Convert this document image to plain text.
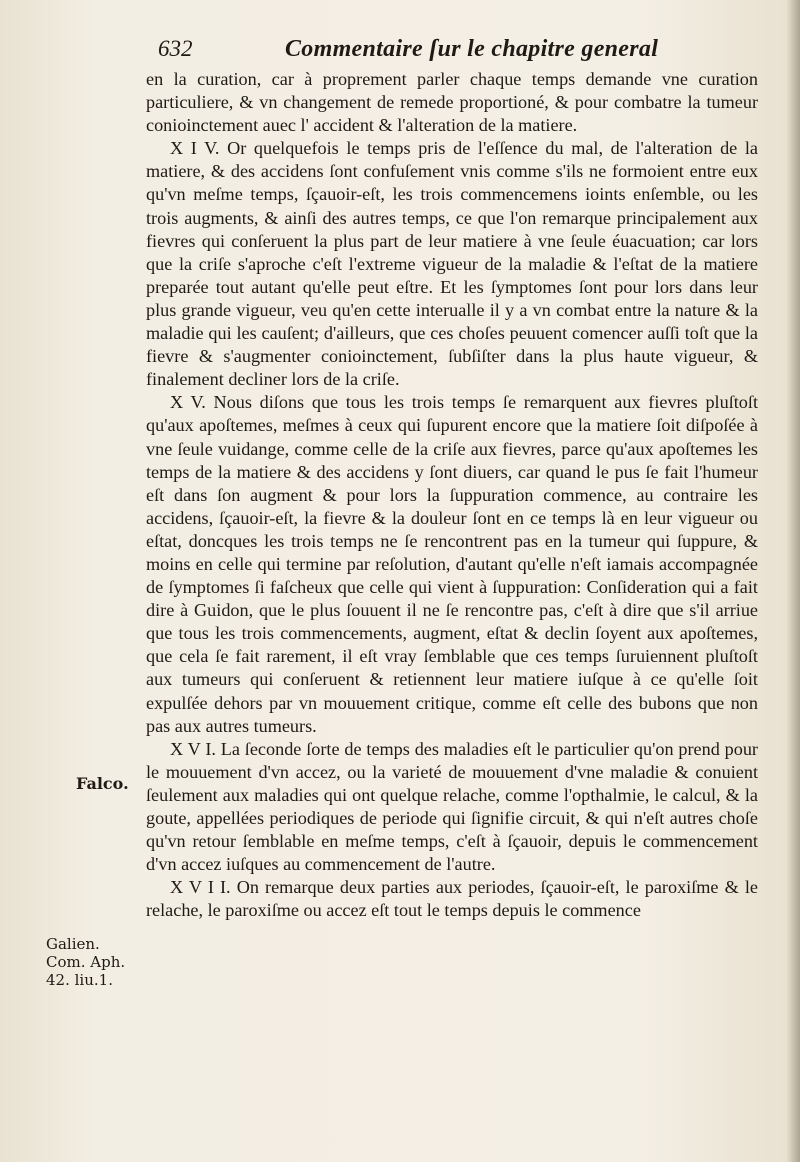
632	Commentaire ſur le chapitre general

en la curation, car à proprement parler chaque temps demande vne curation particuliere, & vn changement de remede proportioné, & pour combatre la tumeur conioinctement auec l' accident & l'alteration de la matiere.

X I V. Or quelquefois le temps pris de l'eſſence du mal, de l'alteration de la matiere, & des accidens ſont confuſement vnis comme s'ils ne formoient entre eux qu'vn meſme temps, ſçauoir-eſt, les trois commencemens ioints enſemble, ou les trois augments, & ainſi des autres temps, ce que l'on remarque principalement aux fievres qui conſeruent la plus part de leur matiere à vne ſeule éuacuation; car lors que la criſe s'aproche c'eſt l'extreme vigueur de la maladie & l'eſtat de la matiere preparée tout autant qu'elle peut eſtre. Et les ſymptomes ſont pour lors dans leur plus grande vigueur, veu qu'en cette interualle il y a vn combat entre la nature & la maladie qui les cauſent; d'ailleurs, que ces choſes peuuent comencer auſſi toſt que la fievre & s'augmenter conioinctement, ſubſiſter dans la plus haute vigueur, & finalement decliner lors de la criſe.

X V. Nous diſons que tous les trois temps ſe remarquent aux fievres pluſtoſt qu'aux apoſtemes, meſmes à ceux qui ſupurent encore que la matiere ſoit diſpoſée à vne ſeule vuidange, comme celle de la criſe aux fievres, parce qu'aux apoſtemes les temps de la matiere & des accidens y ſont diuers, car quand le pus ſe fait l'humeur eſt dans ſon augment & pour lors la ſuppuration commence, au contraire les accidens, ſçauoir-eſt, la fievre & la douleur ſont en ce temps là en leur vigueur ou eſtat, doncques les trois temps ne ſe rencontrent pas en la tumeur qui ſuppure, & moins en celle qui termine par reſolution, d'autant qu'elle n'eſt iamais accompagnée de ſymptomes ſi faſcheux que celle qui vient à ſuppuration: Conſideration qui a fait dire à Guidon, que le plus ſouuent il ne ſe rencontre pas, c'eſt à dire que s'il arriue que tous les trois commencements, augment, eſtat & declin ſoyent aux apoſtemes, que cela ſe fait rarement, il eſt vray ſemblable que ces temps ſuruiennent pluſtoſt aux tumeurs qui conſeruent & retiennent leur matiere iuſque à ce qu'elle ſoit expulſée dehors par vn mouuement critique, comme eſt celle des bubons que non pas aux autres tumeurs.

X V I. La ſeconde ſorte de temps des maladies eſt le particulier qu'on prend pour le mouuement d'vn accez, ou la varieté de mouuement d'vne maladie & conuient ſeulement aux maladies qui ont quelque relache, comme l'opthalmie, le calcul, & la goute, appellées periodiques de periode qui ſignifie circuit, & qui n'eſt autres choſe qu'vn retour ſemblable en meſme temps, c'eſt à ſçauoir, depuis le commencement d'vn accez iuſques au commencement de l'autre.

X V I I. On remarque deux parties aux periodes, ſçauoir-eſt, le paroxiſme & le relache, le paroxiſme ou accez eſt tout le temps depuis le commence

Falco.
Galien.
Com. Aph.
42. liu.1.
